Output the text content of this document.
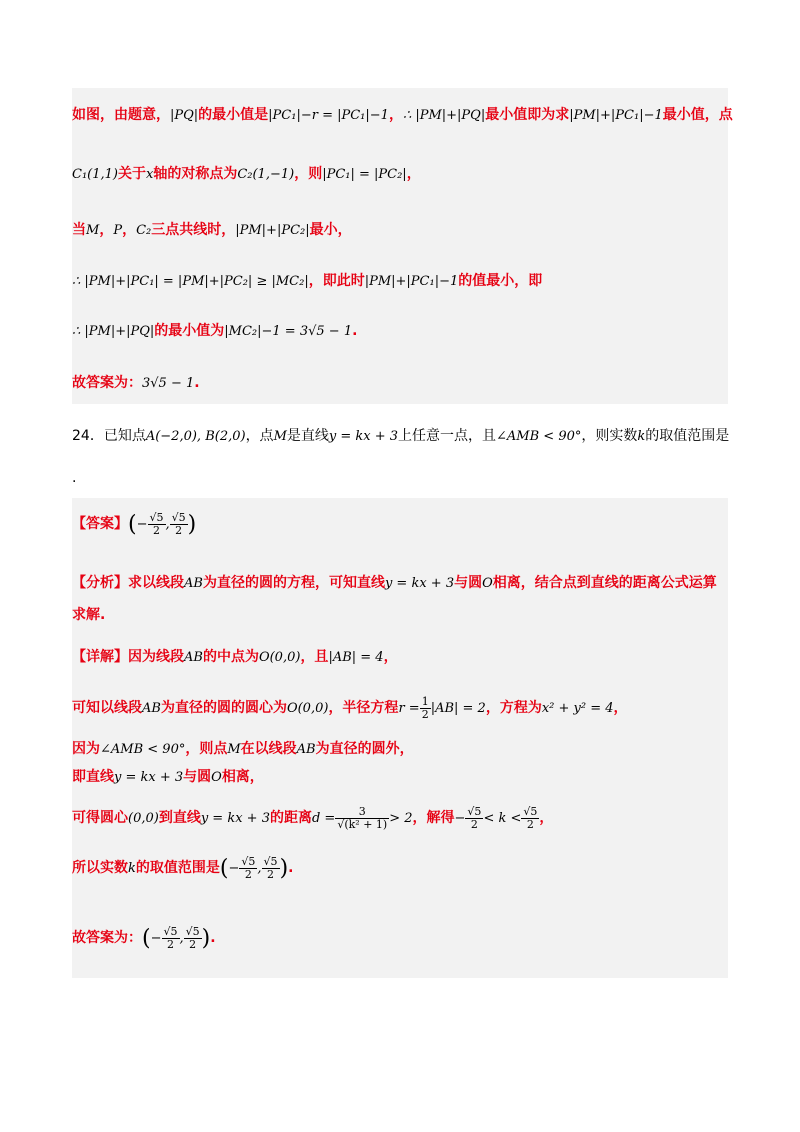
如图，由题意，|PQ|的最小值是|PC₁|−r = |PC₁|−1，∴ |PM|+|PQ|最小值即为求|PM|+|PC₁|−1最小值，点
C₁(1,1)关于x轴的对称点为C₂(1,−1)，则|PC₁| = |PC₂|，
当M，P，C₂三点共线时，|PM|+|PC₂|最小，
∴ |PM|+|PC₁| = |PM|+|PC₂| ≥ |MC₂|，即此时|PM|+|PC₁|−1的值最小，即
∴ |PM|+|PQ|的最小值为|MC₂|−1 = 3√5 − 1.
故答案为：3√5 − 1.
24．已知点A(−2,0), B(2,0)，点M是直线y = kx + 3上任意一点，且∠AMB < 90°，则实数k的取值范围是
.
【答案】(− $\frac{√5}{2}$ , $\frac{√5}{2}$ )
【分析】求以线段AB为直径的圆的方程，可知直线y = kx + 3与圆O相离，结合点到直线的距离公式运算
求解.
【详解】因为线段AB的中点为O(0,0)，且|AB| = 4，
可知以线段AB为直径的圆的圆心为O(0,0)，半径方程$r = \frac{1}{2} |AB| = 2$，方程为x² + y² = 4，
因为∠AMB < 90°，则点M在以线段AB为直径的圆外，
即直线y = kx + 3与圆O相离，
可得圆心(0,0)到直线y = kx + 3的距离$d = \frac{3}{\text{√(k² + 1)}} > 2$，解得− $\frac{√5}{2} < k < \frac{√5}{2}$ ，
所以实数k的取值范围是(− $\frac{√5}{2}$ , $\frac{√5}{2}$ ).
故答案为：(− $\frac{√5}{2}$ , $\frac{√5}{2}$ ).
